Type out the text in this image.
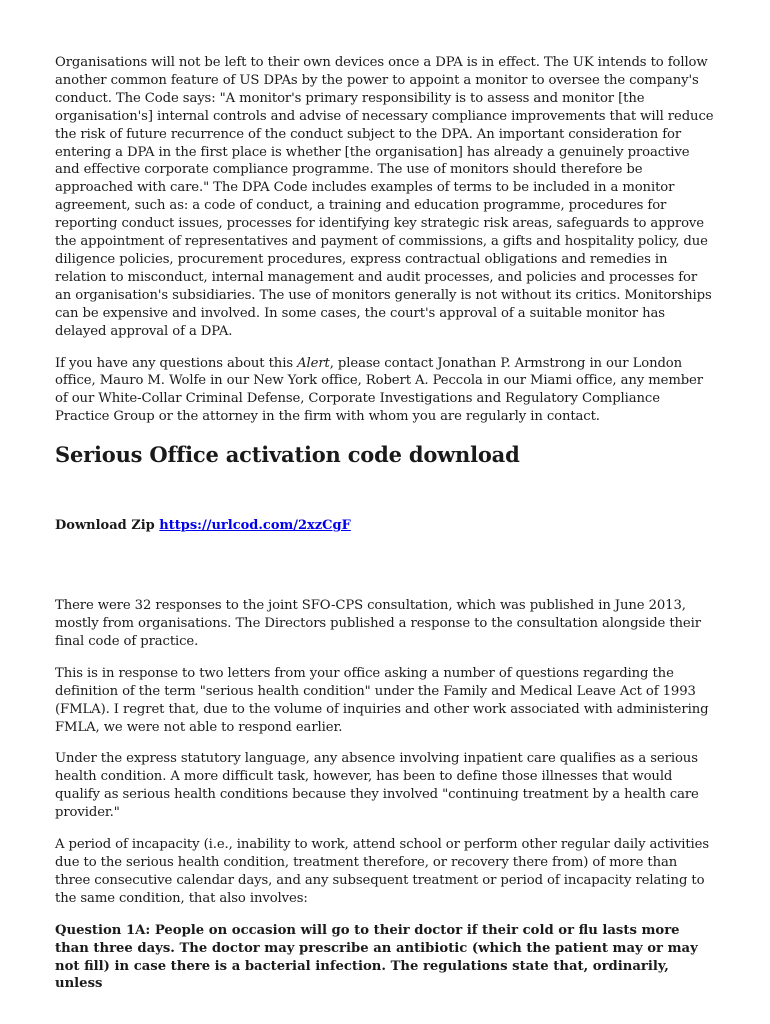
Organisations will not be left to their own devices once a DPA is in effect. The UK intends to follow another common feature of US DPAs by the power to appoint a monitor to oversee the company's conduct. The Code says: "A monitor's primary responsibility is to assess and monitor [the organisation's] internal controls and advise of necessary compliance improvements that will reduce the risk of future recurrence of the conduct subject to the DPA. An important consideration for entering a DPA in the first place is whether [the organisation] has already a genuinely proactive and effective corporate compliance programme. The use of monitors should therefore be approached with care." The DPA Code includes examples of terms to be included in a monitor agreement, such as: a code of conduct, a training and education programme, procedures for reporting conduct issues, processes for identifying key strategic risk areas, safeguards to approve the appointment of representatives and payment of commissions, a gifts and hospitality policy, due diligence policies, procurement procedures, express contractual obligations and remedies in relation to misconduct, internal management and audit processes, and policies and processes for an organisation's subsidiaries. The use of monitors generally is not without its critics. Monitorships can be expensive and involved. In some cases, the court's approval of a suitable monitor has delayed approval of a DPA.

If you have any questions about this Alert, please contact Jonathan P. Armstrong in our London office, Mauro M. Wolfe in our New York office, Robert A. Peccola in our Miami office, any member of our White-Collar Criminal Defense, Corporate Investigations and Regulatory Compliance Practice Group or the attorney in the firm with whom you are regularly in contact.

Serious Office activation code download
Download Zip https://urlcod.com/2xzCgF

There were 32 responses to the joint SFO-CPS consultation, which was published in June 2013, mostly from organisations. The Directors published a response to the consultation alongside their final code of practice.

This is in response to two letters from your office asking a number of questions regarding the definition of the term "serious health condition" under the Family and Medical Leave Act of 1993 (FMLA). I regret that, due to the volume of inquiries and other work associated with administering FMLA, we were not able to respond earlier.

Under the express statutory language, any absence involving inpatient care qualifies as a serious health condition. A more difficult task, however, has been to define those illnesses that would qualify as serious health conditions because they involved "continuing treatment by a health care provider."

A period of incapacity (i.e., inability to work, attend school or perform other regular daily activities due to the serious health condition, treatment therefore, or recovery there from) of more than three consecutive calendar days, and any subsequent treatment or period of incapacity relating to the same condition, that also involves:

Question 1A: People on occasion will go to their doctor if their cold or flu lasts more than three days. The doctor may prescribe an antibiotic (which the patient may or may not fill) in case there is a bacterial infection. The regulations state that, ordinarily, unless
